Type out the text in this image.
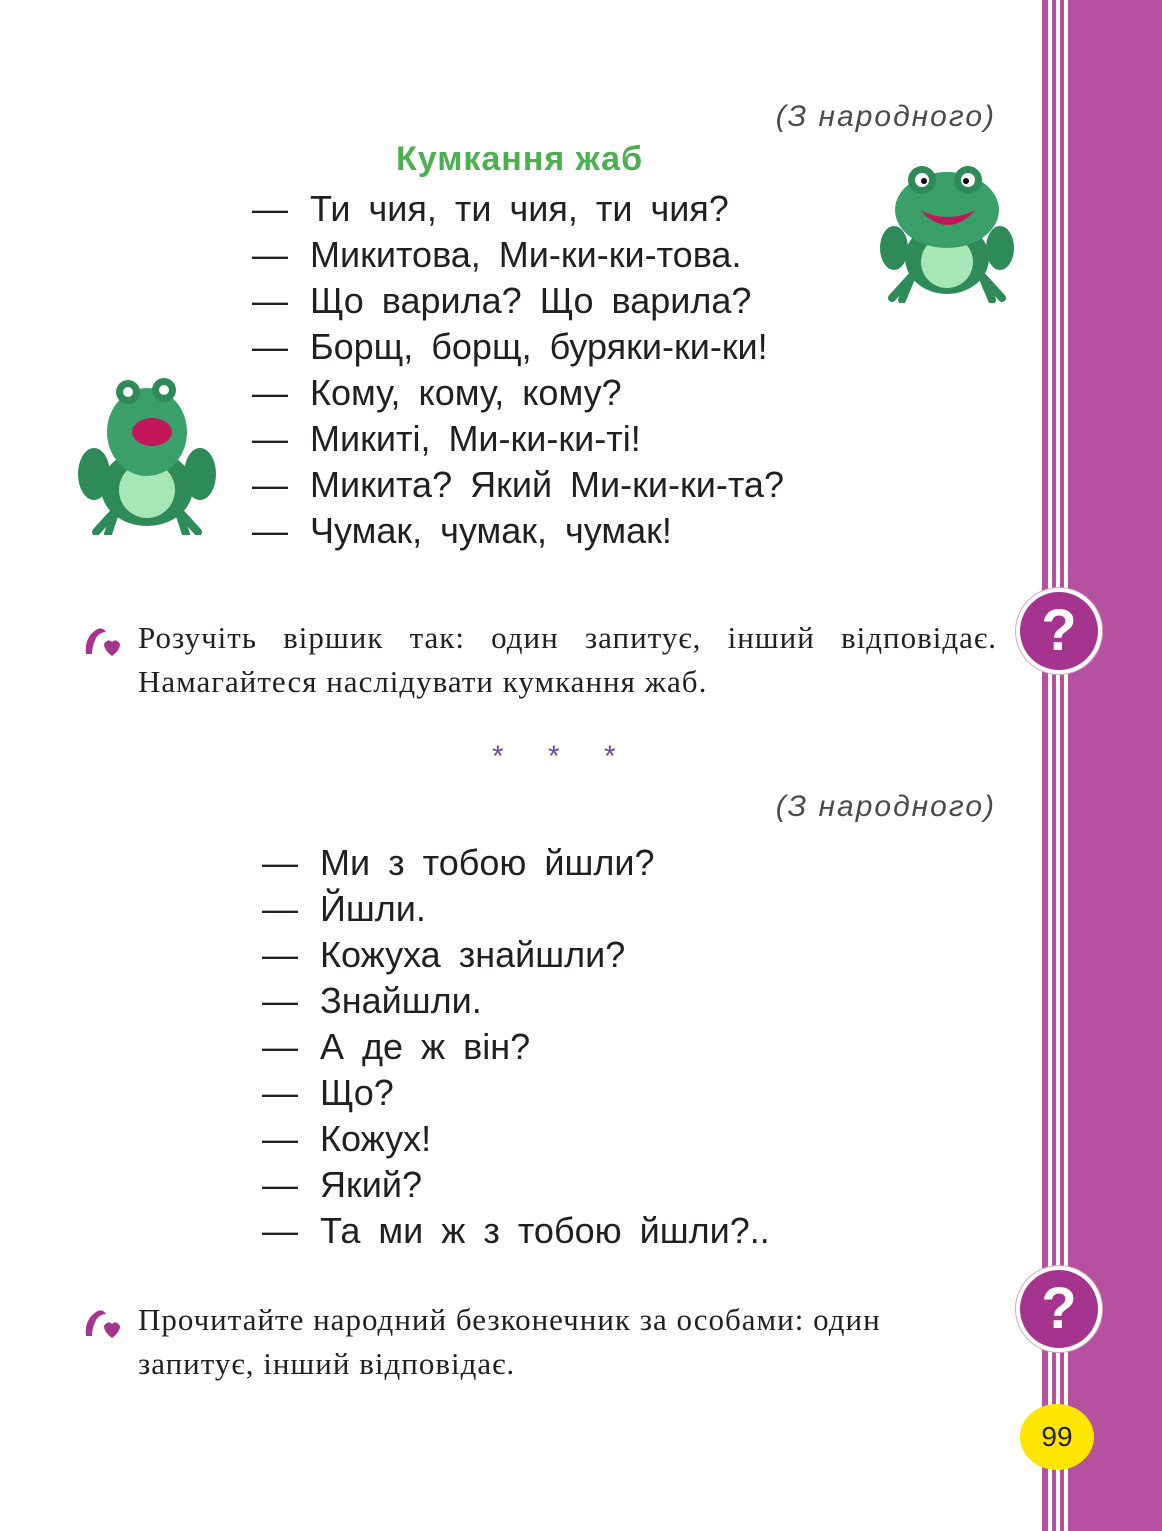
(З народного)
Кумкання жаб
— Ти чия, ти чия, ти чия?
— Микитова, Ми-ки-ки-това.
— Що варила? Що варила?
— Борщ, борщ, буряки-ки-ки!
— Кому, кому, кому?
— Микиті, Ми-ки-ки-ті!
— Микита? Який Ми-ки-ки-та?
— Чумак, чумак, чумак!
Розучіть віршик так: один запитує, інший відповідає. Намагайтеся наслідувати кумкання жаб.
?
* * *
(З народного)
— Ми з тобою йшли?
— Йшли.
— Кожуха знайшли?
— Знайшли.
— А де ж він?
— Що?
— Кожух!
— Який?
— Та ми ж з тобою йшли?..
Прочитайте народний безконечник за особами: один запитує, інший відповідає.
?
99
